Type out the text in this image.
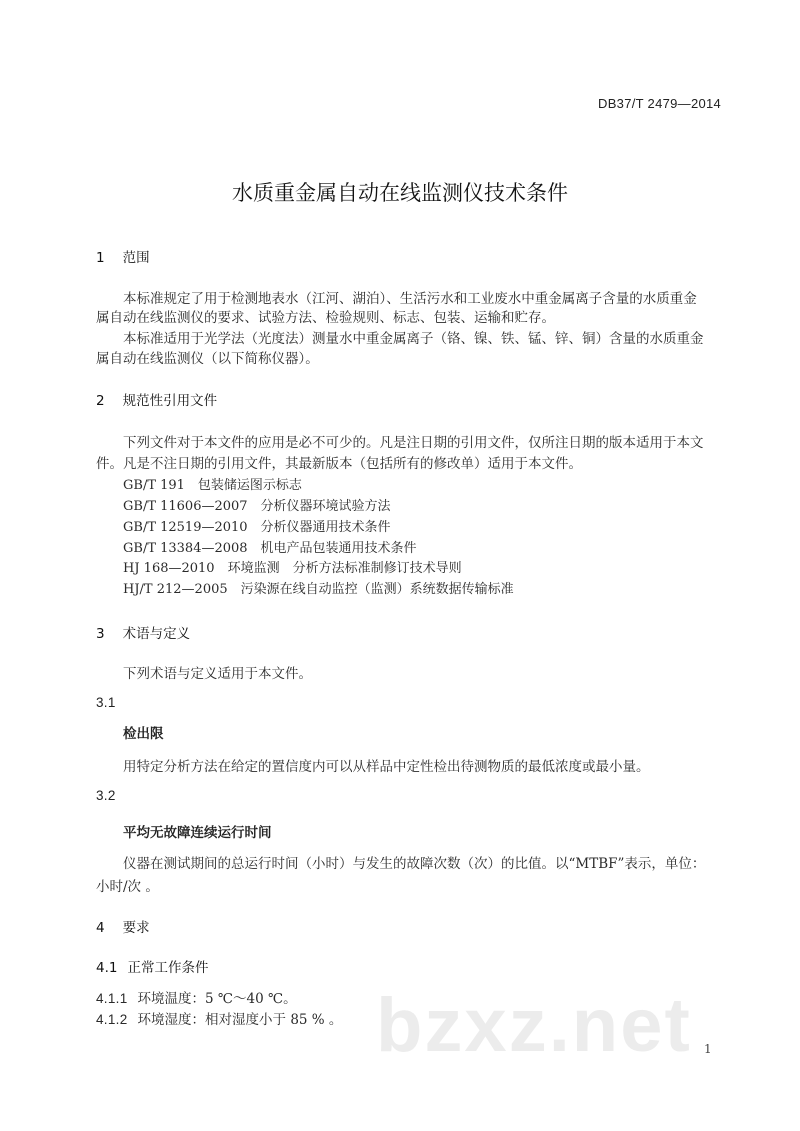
DB37/T 2479—2014
水质重金属自动在线监测仪技术条件
1 范围
本标准规定了用于检测地表水（江河、湖泊）、生活污水和工业废水中重金属离子含量的水质重金
属自动在线监测仪的要求、试验方法、检验规则、标志、包装、运输和贮存。
本标准适用于光学法（光度法）测量水中重金属离子（铬、镍、铁、锰、锌、铜）含量的水质重金
属自动在线监测仪（以下简称仪器）。
2 规范性引用文件
下列文件对于本文件的应用是必不可少的。凡是注日期的引用文件，仅所注日期的版本适用于本文
件。凡是不注日期的引用文件，其最新版本（包括所有的修改单）适用于本文件。
GB/T 191　包装储运图示标志
GB/T 11606—2007　分析仪器环境试验方法
GB/T 12519—2010　分析仪器通用技术条件
GB/T 13384—2008　机电产品包装通用技术条件
HJ 168—2010　环境监测　分析方法标准制修订技术导则
HJ/T 212—2005　污染源在线自动监控（监测）系统数据传输标准
3 术语与定义
下列术语与定义适用于本文件。
3.1
检出限
用特定分析方法在给定的置信度内可以从样品中定性检出待测物质的最低浓度或最小量。
3.2
平均无故障连续运行时间
仪器在测试期间的总运行时间（小时）与发生的故障次数（次）的比值。以“MTBF”表示，单位：
小时/次 。
4 要求
4.1 正常工作条件
4.1.1 环境温度：5 ℃～40 ℃。
4.1.2 环境湿度：相对湿度小于 85 % 。 bzxz.net 1
